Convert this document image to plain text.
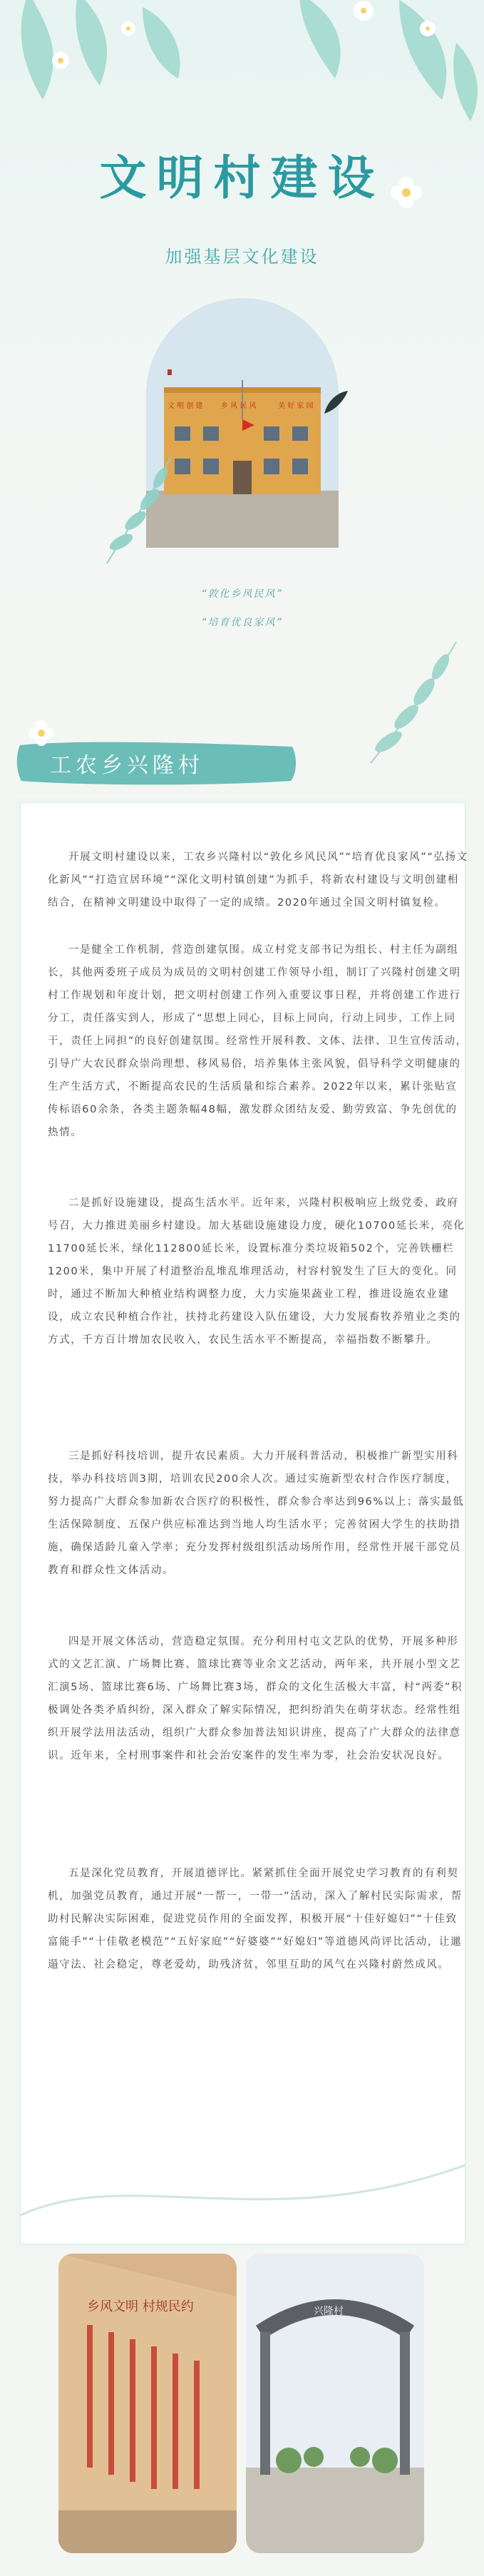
文明村建设
加强基层文化建设
文 明 创 建	乡 风 民 风	美 好 家 园
“敦化乡风民风”
“培育优良家风”
工农乡兴隆村

开展文明村建设以来，工农乡兴隆村以“敦化乡风民风”“培育优良家风”“弘扬文化新风”“打造宜居环境”“深化文明村镇创建”为抓手，将新农村建设与文明创建相结合，在精神文明建设中取得了一定的成绩。2020年通过全国文明村镇复检。

一是健全工作机制，营造创建氛围。成立村党支部书记为组长、村主任为副组长，其他两委班子成员为成员的文明村创建工作领导小组，制订了兴隆村创建文明村工作规划和年度计划，把文明村创建工作列入重要议事日程，并将创建工作进行分工，责任落实到人，形成了“思想上同心，目标上同向，行动上同步，工作上同干，责任上同担”的良好创建氛围。经常性开展科教、文体、法律、卫生宣传活动，引导广大农民群众崇尚理想、移风易俗，培养集体主张风貌，倡导科学文明健康的生产生活方式，不断提高农民的生活质量和综合素养。2022年以来，累计张贴宣传标语60余条，各类主题条幅48幅，激发群众团结友爱、勤劳致富、争先创优的热情。

二是抓好设施建设，提高生活水平。近年来，兴隆村积极响应上级党委、政府号召，大力推进美丽乡村建设。加大基础设施建设力度，硬化10700延长米，亮化11700延长米，绿化112800延长米，设置标准分类垃圾箱502个，完善铁栅栏1200米，集中开展了村道整治乱堆乱堆理活动，村容村貌发生了巨大的变化。同时，通过不断加大种植业结构调整力度，大力实施果蔬业工程，推进设施农业建设，成立农民种植合作社，扶持北药建设入队伍建设，大力发展畜牧养殖业之类的方式，千方百计增加农民收入，农民生活水平不断提高，幸福指数不断攀升。

三是抓好科技培训，提升农民素质。大力开展科普活动，积极推广新型实用科技，举办科技培训3期，培训农民200余人次。通过实施新型农村合作医疗制度，努力提高广大群众参加新农合医疗的积极性，群众参合率达到96%以上；落实最低生活保障制度、五保户供应标准达到当地人均生活水平；完善贫困大学生的扶助措施，确保适龄儿童入学率；充分发挥村级组织活动场所作用，经常性开展干部党员教育和群众性文体活动。

四是开展文体活动，营造稳定氛围。充分利用村屯文艺队的优势，开展多种形式的文艺汇演、广场舞比赛、篮球比赛等业余文艺活动，两年来，共开展小型文艺汇演5场、篮球比赛6场、广场舞比赛3场，群众的文化生活极大丰富，村“两委”积极调处各类矛盾纠纷，深入群众了解实际情况，把纠纷消失在萌芽状态。经常性组织开展学法用法活动，组织广大群众参加普法知识讲座，提高了广大群众的法律意识。近年来，全村刑事案件和社会治安案件的发生率为零，社会治安状况良好。

五是深化党员教育，开展道德评比。紧紧抓住全面开展党史学习教育的有利契机，加强党员教育，通过开展“一帮一，一带一”活动，深入了解村民实际需求，帮助村民解决实际困难，促进党员作用的全面发挥，积极开展“十佳好媳妇”“十佳致富能手”“十佳敬老模范”“五好家庭”“好婆婆”“好媳妇”等道德风尚评比活动，让邋遢守法、社会稳定，尊老爱幼，助残济贫，邻里互助的风气在兴隆村蔚然成风。

乡风文明 村规民约	兴隆村
